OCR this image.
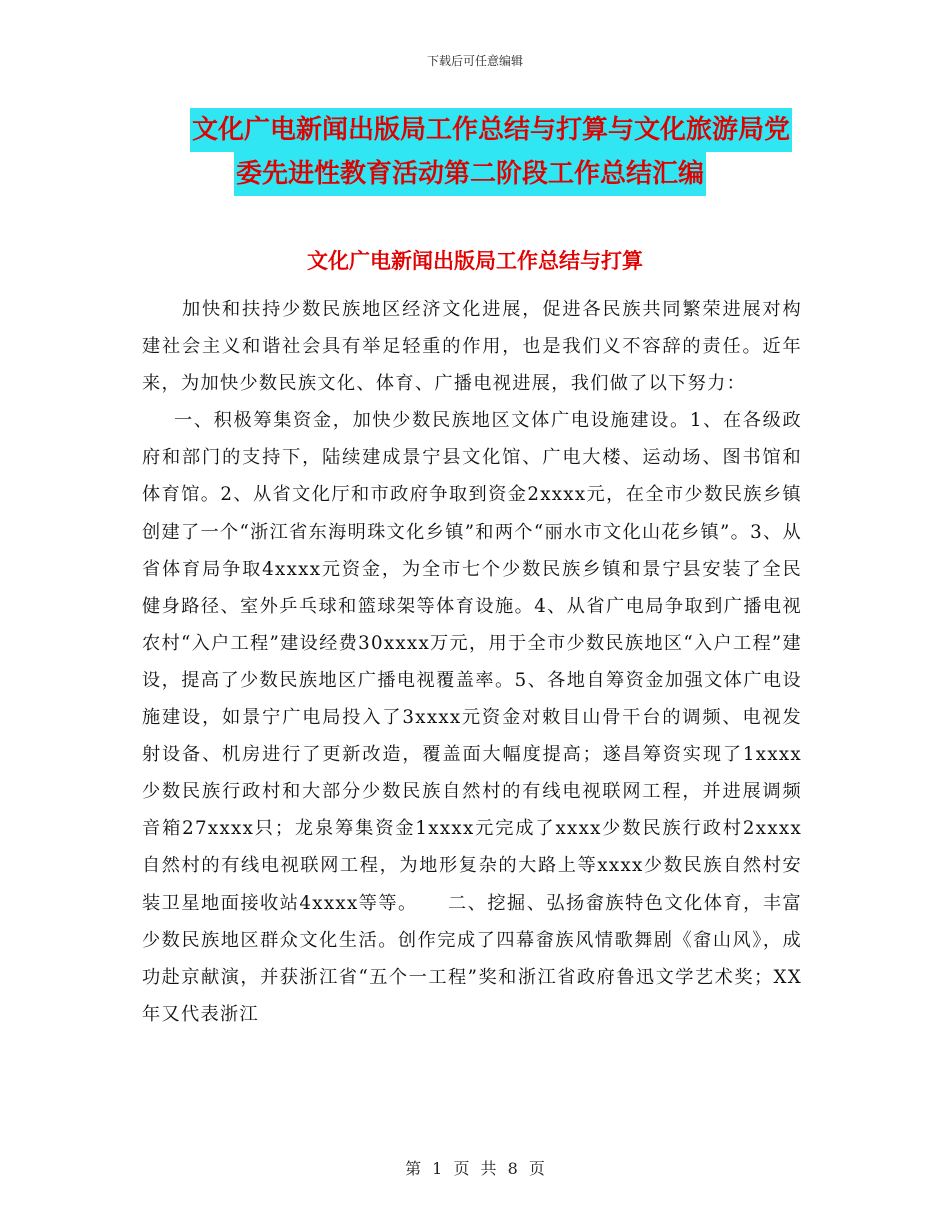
下载后可任意编辑
文化广电新闻出版局工作总结与打算与文化旅游局党
委先进性教育活动第二阶段工作总结汇编
文化广电新闻出版局工作总结与打算

加快和扶持少数民族地区经济文化进展，促进各民族共同繁荣进展对构建社会主义和谐社会具有举足轻重的作用，也是我们义不容辞的责任。近年来，为加快少数民族文化、体育、广播电视进展，我们做了以下努力：

一、积极筹集资金，加快少数民族地区文体广电设施建设。1、在各级政府和部门的支持下，陆续建成景宁县文化馆、广电大楼、运动场、图书馆和体育馆。2、从省文化厅和市政府争取到资金2xxxx元，在全市少数民族乡镇创建了一个“浙江省东海明珠文化乡镇”和两个“丽水市文化山花乡镇”。3、从省体育局争取4xxxx元资金，为全市七个少数民族乡镇和景宁县安装了全民健身路径、室外乒乓球和篮球架等体育设施。4、从省广电局争取到广播电视农村“入户工程”建设经费30xxxx万元，用于全市少数民族地区“入户工程”建设，提高了少数民族地区广播电视覆盖率。5、各地自筹资金加强文体广电设施建设，如景宁广电局投入了3xxxx元资金对敕目山骨干台的调频、电视发射设备、机房进行了更新改造，覆盖面大幅度提高；遂昌筹资实现了1xxxx少数民族行政村和大部分少数民族自然村的有线电视联网工程，并进展调频音箱27xxxx只；龙泉筹集资金1xxxx元完成了xxxx少数民族行政村2xxxx自然村的有线电视联网工程，为地形复杂的大路上等xxxx少数民族自然村安装卫星地面接收站4xxxx等等。　　二、挖掘、弘扬畲族特色文化体育，丰富少数民族地区群众文化生活。创作完成了四幕畲族风情歌舞剧《畲山风》，成功赴京献演，并获浙江省“五个一工程”奖和浙江省政府鲁迅文学艺术奖；XX年又代表浙江

第 1 页 共 8 页
